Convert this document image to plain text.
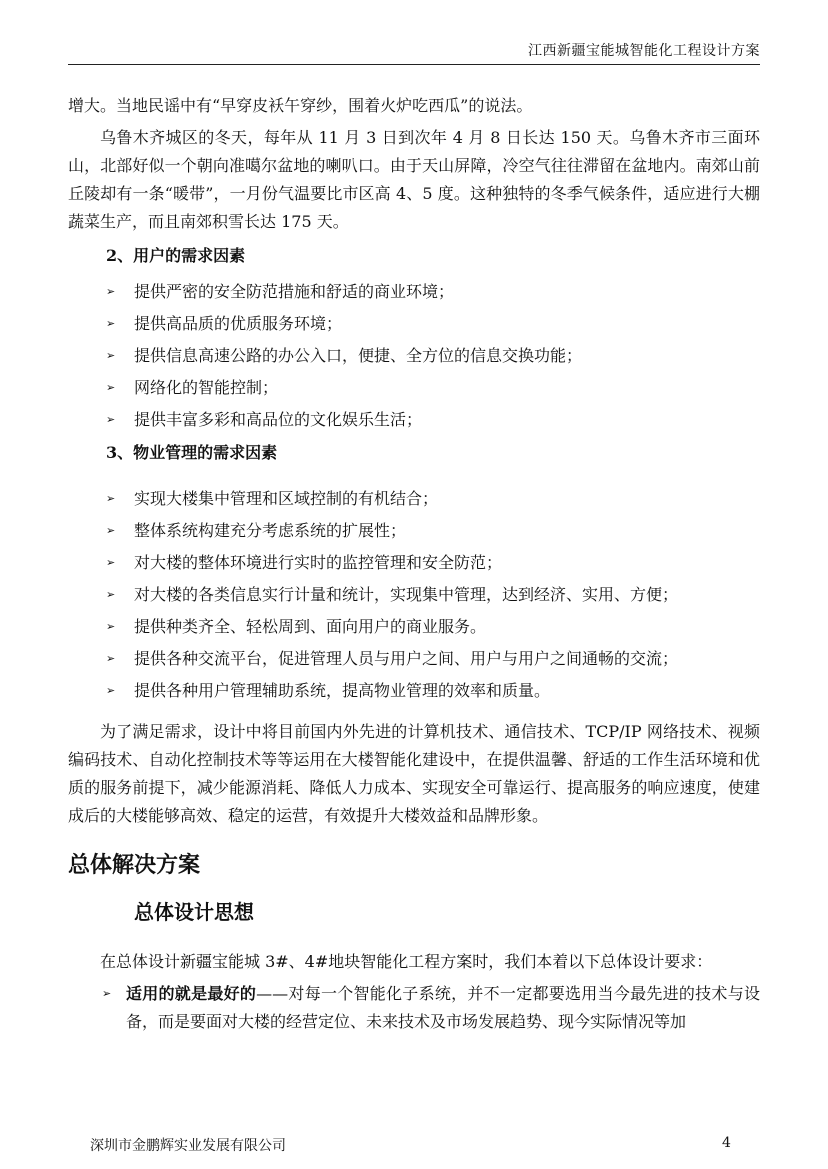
江西新疆宝能城智能化工程设计方案

增大。当地民谣中有“早穿皮袄午穿纱，围着火炉吃西瓜”的说法。

乌鲁木齐城区的冬天，每年从 11 月 3 日到次年 4 月 8 日长达 150 天。乌鲁木齐市三面环山，北部好似一个朝向准噶尔盆地的喇叭口。由于天山屏障，冷空气往往滞留在盆地内。南郊山前丘陵却有一条“暖带”，一月份气温要比市区高 4、5 度。这种独特的冬季气候条件，适应进行大棚蔬菜生产，而且南郊积雪长达 175 天。

2、用户的需求因素
➢ 提供严密的安全防范措施和舒适的商业环境；
➢ 提供高品质的优质服务环境；
➢ 提供信息高速公路的办公入口，便捷、全方位的信息交换功能；
➢ 网络化的智能控制；
➢ 提供丰富多彩和高品位的文化娱乐生活；
3、物业管理的需求因素
➢ 实现大楼集中管理和区域控制的有机结合；
➢ 整体系统构建充分考虑系统的扩展性；
➢ 对大楼的整体环境进行实时的监控管理和安全防范；
➢ 对大楼的各类信息实行计量和统计，实现集中管理，达到经济、实用、方便；
➢ 提供种类齐全、轻松周到、面向用户的商业服务。
➢ 提供各种交流平台，促进管理人员与用户之间、用户与用户之间通畅的交流；
➢ 提供各种用户管理辅助系统，提高物业管理的效率和质量。

为了满足需求，设计中将目前国内外先进的计算机技术、通信技术、TCP/IP 网络技术、视频编码技术、自动化控制技术等等运用在大楼智能化建设中，在提供温馨、舒适的工作生活环境和优质的服务前提下，减少能源消耗、降低人力成本、实现安全可靠运行、提高服务的响应速度，使建成后的大楼能够高效、稳定的运营，有效提升大楼效益和品牌形象。

总体解决方案
总体设计思想

在总体设计新疆宝能城 3#、4#地块智能化工程方案时，我们本着以下总体设计要求：

➢ 适用的就是最好的——对每一个智能化子系统，并不一定都要选用当今最先进的技术与设备，而是要面对大楼的经营定位、未来技术及市场发展趋势、现今实际情况等加
深圳市金鹏辉实业发展有限公司	4
